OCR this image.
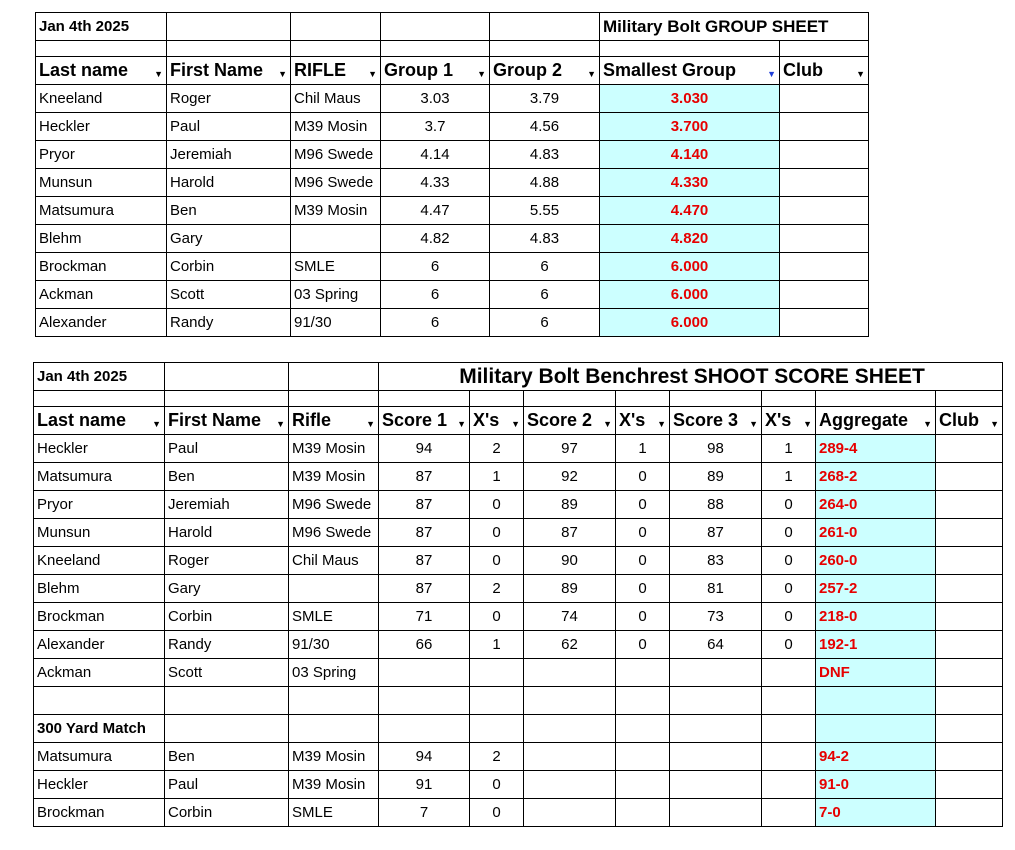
Jan 4th 2025					Military Bolt GROUP SHEET	

Last name ▼	First Name ▼	RIFLE ▼	Group 1 ▼	Group 2 ▼	Smallest Group ▼	Club ▼

Kneeland	Roger	Chil Maus	3.03	3.79	3.030	
Heckler	Paul	M39 Mosin	3.7	4.56	3.700	
Pryor	Jeremiah	M96 Swede	4.14	4.83	4.140	
Munsun	Harold	M96 Swede	4.33	4.88	4.330	
Matsumura	Ben	M39 Mosin	4.47	5.55	4.470	
Blehm	Gary		4.82	4.83	4.820	
Brockman	Corbin	SMLE	6	6	6.000	
Ackman	Scott	03 Spring	6	6	6.000	
Alexander	Randy	91/30	6	6	6.000	
Jan 4th 2025			Military Bolt Benchrest SHOOT SCORE SHEET							

Last name ▼	First Name ▼	Rifle ▼	Score 1 ▼	X's ▼	Score 2 ▼	X's ▼	Score 3 ▼	X's ▼	Aggregate ▼	Club ▼

Heckler	Paul	M39 Mosin	94	2	97	1	98	1	289-4	
Matsumura	Ben	M39 Mosin	87	1	92	0	89	1	268-2	
Pryor	Jeremiah	M96 Swede	87	0	89	0	88	0	264-0	
Munsun	Harold	M96 Swede	87	0	87	0	87	0	261-0	
Kneeland	Roger	Chil Maus	87	0	90	0	83	0	260-0	
Blehm	Gary		87	2	89	0	81	0	257-2	
Brockman	Corbin	SMLE	71	0	74	0	73	0	218-0	
Alexander	Randy	91/30	66	1	62	0	64	0	192-1	
Ackman	Scott	03 Spring							DNF	

300 Yard Match										
Matsumura	Ben	M39 Mosin	94	2					94-2	
Heckler	Paul	M39 Mosin	91	0					91-0	
Brockman	Corbin	SMLE	7	0					7-0	
